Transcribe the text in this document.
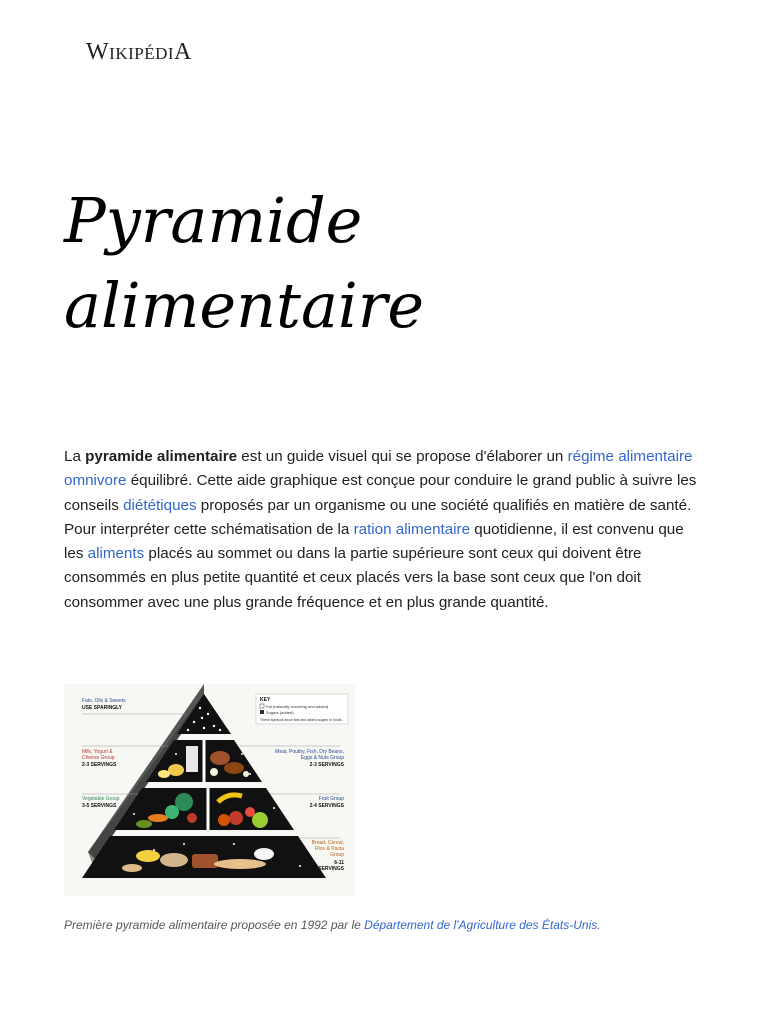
WIKIPÉDIA
Pyramide
alimentaire

La pyramide alimentaire est un guide visuel qui se propose d'élaborer un régime alimentaire omnivore équilibré. Cette aide graphique est conçue pour conduire le grand public à suivre les conseils diététiques proposés par un organisme ou une société qualifiés en matière de santé. Pour interpréter cette schématisation de la ration alimentaire quotidienne, il est convenu que les aliments placés au sommet ou dans la partie supérieure sont ceux qui doivent être consommés en plus petite quantité et ceux placés vers la base sont ceux que l'on doit consommer avec une plus grande fréquence et en plus grande quantité.

Fats, Oils & Sweets
USE SPARINGLY
KEY
Fat (naturally occurring and added)
Sugars (added)
These symbols show fats and added sugars in foods.
Milk, Yogurt &
Cheese Group
2-3 SERVINGS
Meat, Poultry, Fish, Dry Beans,
Eggs & Nuts Group
2-3 SERVINGS
Vegetable Group
3-5 SERVINGS
Fruit Group
2-4 SERVINGS
Bread, Cereal,
Rice & Pasta
Group
6-11
SERVINGS

Première pyramide alimentaire proposée en 1992 par le Département de l'Agriculture des États-Unis.
